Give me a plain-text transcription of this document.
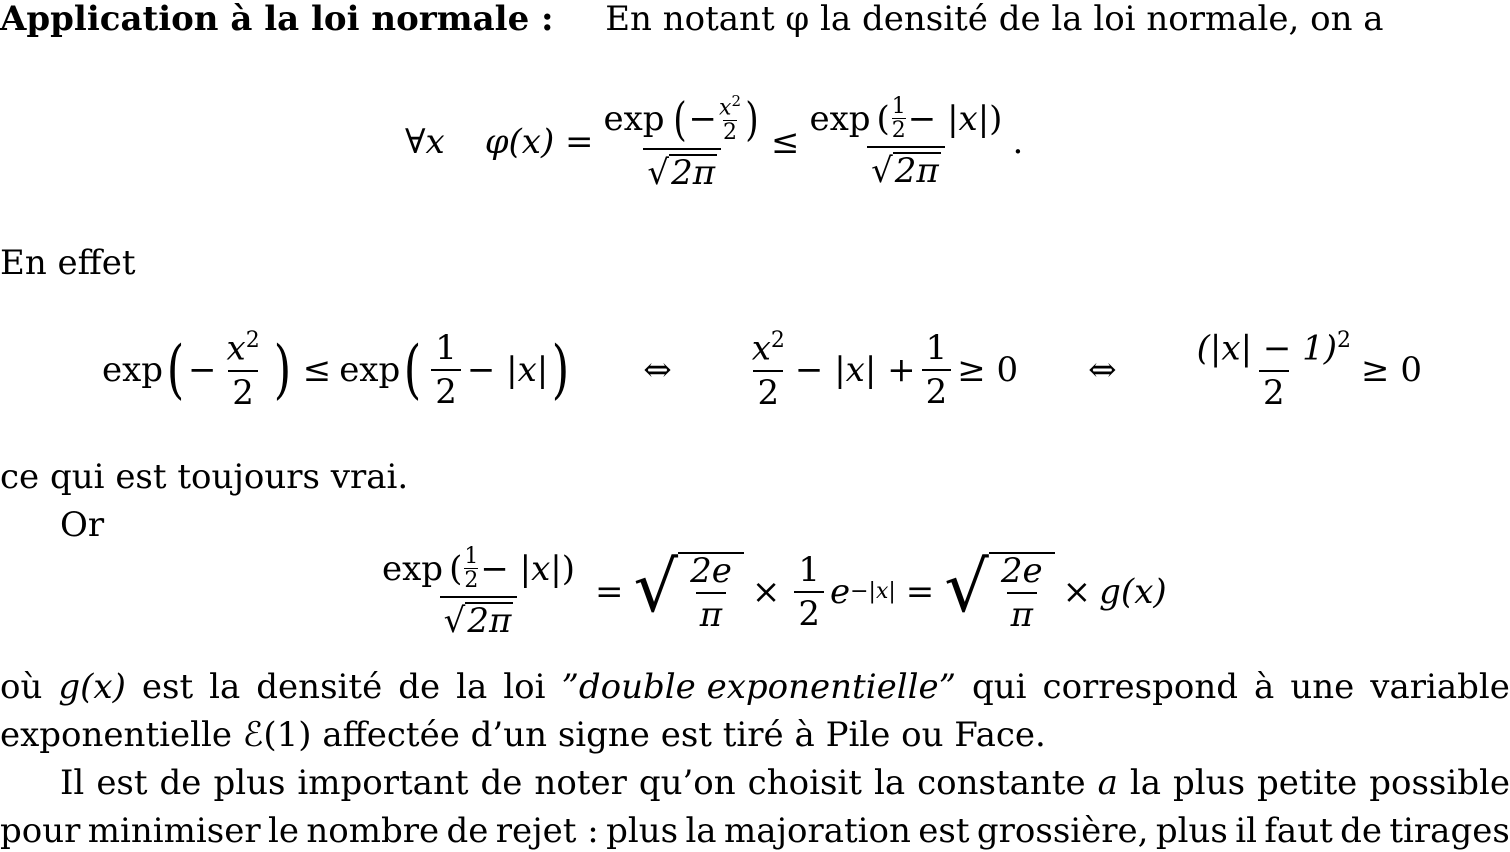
Application à la loi normale : En notant φ la densité de la loi normale, on a
∀x φ(x) =
exp ( − $\frac{x^2}{2}$ )
√ 2π
≤ exp ( 1
2 − |x| )
√ 2π .
En effet
exp ( − $\frac{x^2}{2}$ ) ≤ exp ( $\frac{1}{2} - |x|$ ) ⇔ $\frac{x^2}{2} - |x| + \frac{1}{2} \ge 0$ ⇔ $\frac{(|x| - 1)^2}{2} \ge 0$
ce qui est toujours vrai.
Or
exp ( 1
2 − |x| )
√ 2π = √ $\frac{2e}{\pi} \times \frac{1}{2}$ e −|x| = √ $\frac{2e}{\pi} \times g(x)$
où g(x) est la densité de la loi ”double exponentielle” qui correspond à une variable
exponentielle ℰ(1) affectée d’un signe est tiré à Pile ou Face.
Il est de plus important de noter qu’on choisit la constante a la plus petite possible
pour minimiser le nombre de rejet : plus la majoration est grossière, plus il faut de tirages
